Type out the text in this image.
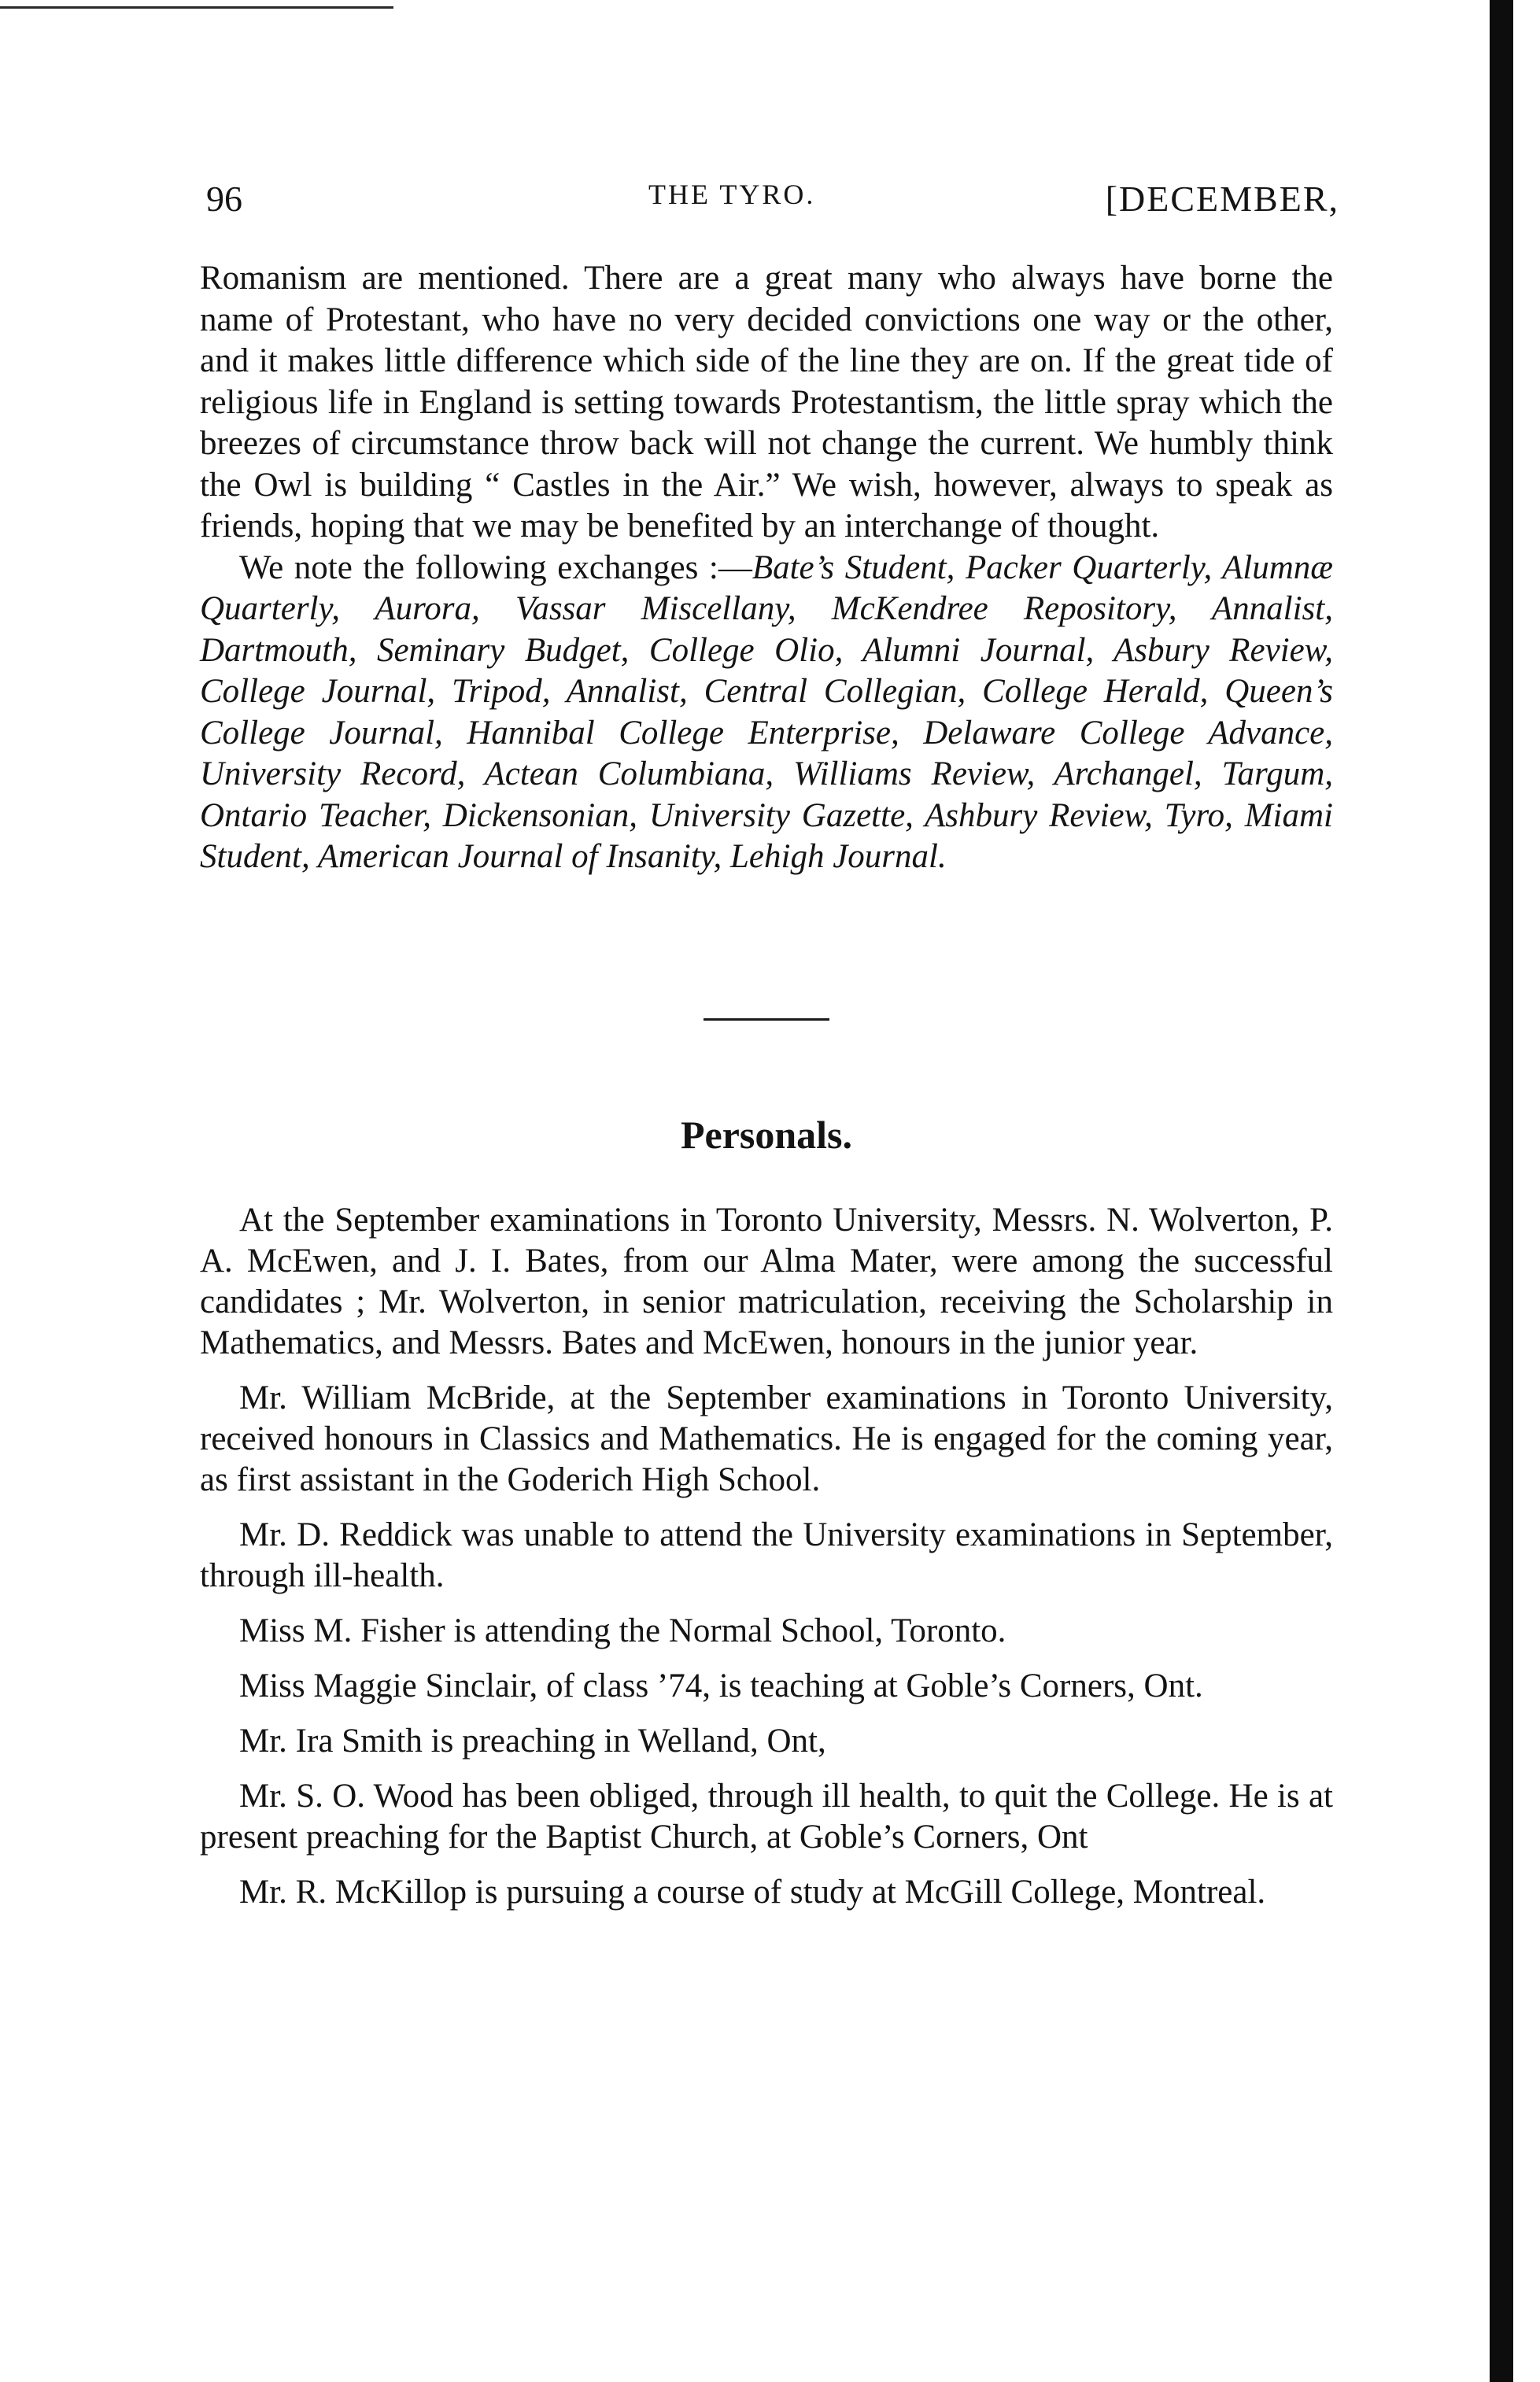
96	THE TYRO.	[DECEMBER,

Romanism are mentioned. There are a great many who always have borne the name of Protestant, who have no very decided convictions one way or the other, and it makes little difference which side of the line they are on. If the great tide of religious life in England is setting towards Protestantism, the little spray which the breezes of circumstance throw back will not change the current. We humbly think the Owl is building “ Castles in the Air.” We wish, however, always to speak as friends, hoping that we may be benefited by an interchange of thought.

We note the following exchanges :—Bate’s Student, Packer Quarterly, Alumnæ Quarterly, Aurora, Vassar Miscellany, McKendree Repository, Annalist, Dartmouth, Seminary Budget, College Olio, Alumni Journal, Asbury Review, College Journal, Tripod, Annalist, Central Collegian, College Herald, Queen’s College Journal, Hannibal College Enterprise, Delaware College Advance, University Record, Actean Columbiana, Williams Review, Archangel, Targum, Ontario Teacher, Dickensonian, University Gazette, Ashbury Review, Tyro, Miami Student, American Journal of Insanity, Lehigh Journal.

Personals.

At the September examinations in Toronto University, Messrs. N. Wolverton, P. A. McEwen, and J. I. Bates, from our Alma Mater, were among the successful candidates ; Mr. Wolverton, in senior matriculation, receiving the Scholarship in Mathematics, and Messrs. Bates and McEwen, honours in the junior year.

Mr. William McBride, at the September examinations in Toronto University, received honours in Classics and Mathematics. He is engaged for the coming year, as first assistant in the Goderich High School.

Mr. D. Reddick was unable to attend the University examinations in September, through ill-health.

Miss M. Fisher is attending the Normal School, Toronto.

Miss Maggie Sinclair, of class ’74, is teaching at Goble’s Corners, Ont.

Mr. Ira Smith is preaching in Welland, Ont,

Mr. S. O. Wood has been obliged, through ill health, to quit the College. He is at present preaching for the Baptist Church, at Goble’s Corners, Ont

Mr. R. McKillop is pursuing a course of study at McGill College, Montreal.
